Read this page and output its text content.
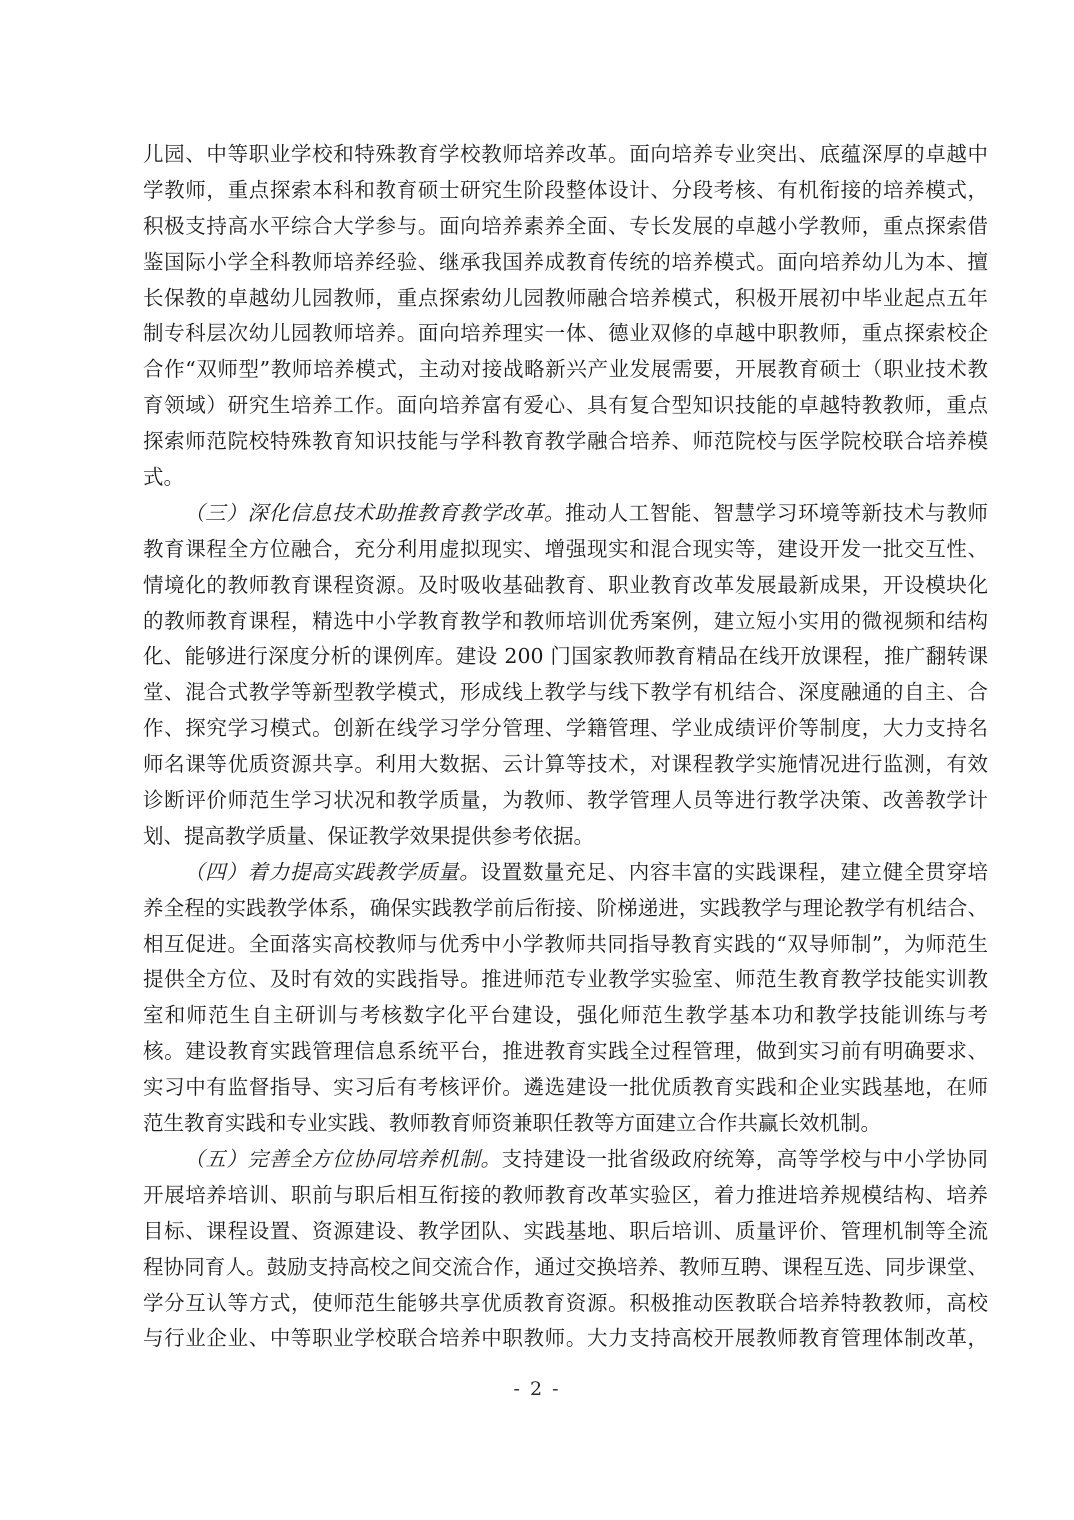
儿园、中等职业学校和特殊教育学校教师培养改革。面向培养专业突出、底蕴深厚的卓越中
学教师，重点探索本科和教育硕士研究生阶段整体设计、分段考核、有机衔接的培养模式，
积极支持高水平综合大学参与。面向培养素养全面、专长发展的卓越小学教师，重点探索借
鉴国际小学全科教师培养经验、继承我国养成教育传统的培养模式。面向培养幼儿为本、擅
长保教的卓越幼儿园教师，重点探索幼儿园教师融合培养模式，积极开展初中毕业起点五年
制专科层次幼儿园教师培养。面向培养理实一体、德业双修的卓越中职教师，重点探索校企
合作“双师型”教师培养模式，主动对接战略新兴产业发展需要，开展教育硕士（职业技术教
育领域）研究生培养工作。面向培养富有爱心、具有复合型知识技能的卓越特教教师，重点
探索师范院校特殊教育知识技能与学科教育教学融合培养、师范院校与医学院校联合培养模
式。
（三）深化信息技术助推教育教学改革。推动人工智能、智慧学习环境等新技术与教师
教育课程全方位融合，充分利用虚拟现实、增强现实和混合现实等，建设开发一批交互性、
情境化的教师教育课程资源。及时吸收基础教育、职业教育改革发展最新成果，开设模块化
的教师教育课程，精选中小学教育教学和教师培训优秀案例，建立短小实用的微视频和结构
化、能够进行深度分析的课例库。建设 200 门国家教师教育精品在线开放课程，推广翻转课
堂、混合式教学等新型教学模式，形成线上教学与线下教学有机结合、深度融通的自主、合
作、探究学习模式。创新在线学习学分管理、学籍管理、学业成绩评价等制度，大力支持名
师名课等优质资源共享。利用大数据、云计算等技术，对课程教学实施情况进行监测，有效
诊断评价师范生学习状况和教学质量，为教师、教学管理人员等进行教学决策、改善教学计
划、提高教学质量、保证教学效果提供参考依据。
（四）着力提高实践教学质量。设置数量充足、内容丰富的实践课程，建立健全贯穿培
养全程的实践教学体系，确保实践教学前后衔接、阶梯递进，实践教学与理论教学有机结合、
相互促进。全面落实高校教师与优秀中小学教师共同指导教育实践的“双导师制”，为师范生
提供全方位、及时有效的实践指导。推进师范专业教学实验室、师范生教育教学技能实训教
室和师范生自主研训与考核数字化平台建设，强化师范生教学基本功和教学技能训练与考
核。建设教育实践管理信息系统平台，推进教育实践全过程管理，做到实习前有明确要求、
实习中有监督指导、实习后有考核评价。遴选建设一批优质教育实践和企业实践基地，在师
范生教育实践和专业实践、教师教育师资兼职任教等方面建立合作共赢长效机制。
（五）完善全方位协同培养机制。支持建设一批省级政府统筹，高等学校与中小学协同
开展培养培训、职前与职后相互衔接的教师教育改革实验区，着力推进培养规模结构、培养
目标、课程设置、资源建设、教学团队、实践基地、职后培训、质量评价、管理机制等全流
程协同育人。鼓励支持高校之间交流合作，通过交换培养、教师互聘、课程互选、同步课堂、
学分互认等方式，使师范生能够共享优质教育资源。积极推动医教联合培养特教教师，高校
与行业企业、中等职业学校联合培养中职教师。大力支持高校开展教师教育管理体制改革，
- 2 -
